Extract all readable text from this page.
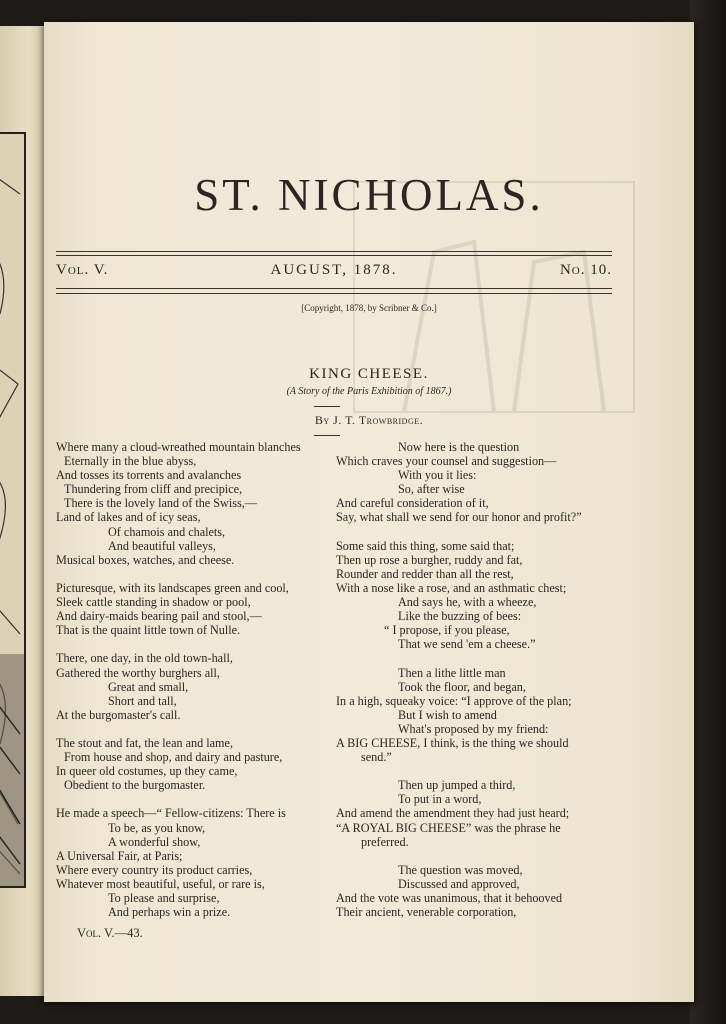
ST. NICHOLAS.
Vol. V.	AUGUST, 1878.	No. 10.

[Copyright, 1878, by Scribner & Co.]

KING CHEESE.

(A Story of the Paris Exhibition of 1867.)

By J. T. Trowbridge.

Where many a cloud-wreathed mountain blanches
Eternally in the blue abyss,
And tosses its torrents and avalanches
Thundering from cliff and precipice,
There is the lovely land of the Swiss,—
Land of lakes and of icy seas,
Of chamois and chalets,
And beautiful valleys,
Musical boxes, watches, and cheese.
Picturesque, with its landscapes green and cool,
Sleek cattle standing in shadow or pool,
And dairy-maids bearing pail and stool,—
That is the quaint little town of Nulle.
There, one day, in the old town-hall,
Gathered the worthy burghers all,
Great and small,
Short and tall,
At the burgomaster's call.
The stout and fat, the lean and lame,
From house and shop, and dairy and pasture,
In queer old costumes, up they came,
Obedient to the burgomaster.
He made a speech—“ Fellow-citizens: There is
To be, as you know,
A wonderful show,
A Universal Fair, at Paris;
Where every country its product carries,
Whatever most beautiful, useful, or rare is,
To please and surprise,
And perhaps win a prize.
Now here is the question
Which craves your counsel and suggestion—
With you it lies:
So, after wise
And careful consideration of it,
Say, what shall we send for our honor and profit?”
Some said this thing, some said that;
Then up rose a burgher, ruddy and fat,
Rounder and redder than all the rest,
With a nose like a rose, and an asthmatic chest;
And says he, with a wheeze,
Like the buzzing of bees:
“ I propose, if you please,
That we send 'em a cheese.”
Then a lithe little man
Took the floor, and began,
In a high, squeaky voice: “I approve of the plan;
But I wish to amend
What's proposed by my friend:
A BIG CHEESE, I think, is the thing we should
send.”
Then up jumped a third,
To put in a word,
And amend the amendment they had just heard;
“A ROYAL BIG CHEESE” was the phrase he
preferred.
The question was moved,
Discussed and approved,
And the vote was unanimous, that it behooved
Their ancient, venerable corporation,
Vol. V.—43.
